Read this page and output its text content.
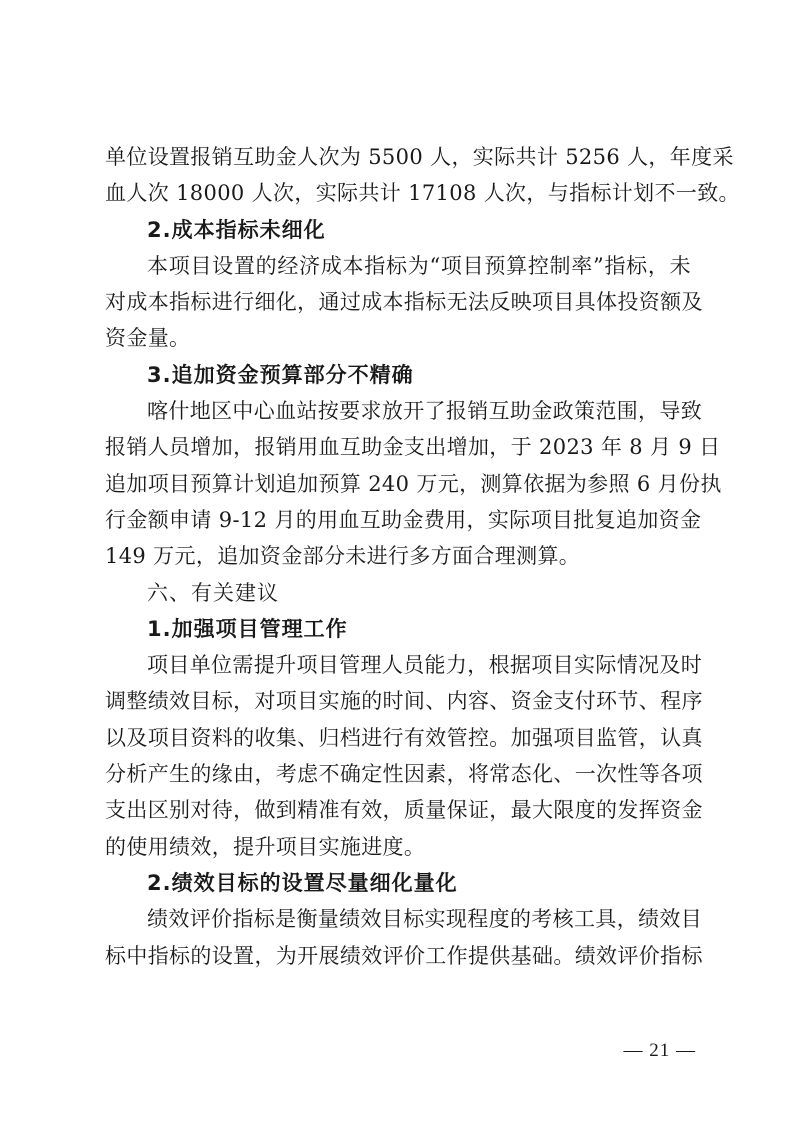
单位设置报销互助金人次为 5500 人，实际共计 5256 人，年度采
血人次 18000 人次，实际共计 17108 人次，与指标计划不一致。
2.成本指标未细化
本项目设置的经济成本指标为“项目预算控制率”指标，未
对成本指标进行细化，通过成本指标无法反映项目具体投资额及
资金量。
3.追加资金预算部分不精确
喀什地区中心血站按要求放开了报销互助金政策范围，导致
报销人员增加，报销用血互助金支出增加，于 2023 年 8 月 9 日
追加项目预算计划追加预算 240 万元，测算依据为参照 6 月份执
行金额申请 9-12 月的用血互助金费用，实际项目批复追加资金
149 万元，追加资金部分未进行多方面合理测算。
六、有关建议
1.加强项目管理工作
项目单位需提升项目管理人员能力，根据项目实际情况及时
调整绩效目标，对项目实施的时间、内容、资金支付环节、程序
以及项目资料的收集、归档进行有效管控。加强项目监管，认真
分析产生的缘由，考虑不确定性因素，将常态化、一次性等各项
支出区别对待，做到精准有效，质量保证，最大限度的发挥资金
的使用绩效，提升项目实施进度。
2.绩效目标的设置尽量细化量化
绩效评价指标是衡量绩效目标实现程度的考核工具，绩效目
标中指标的设置，为开展绩效评价工作提供基础。绩效评价指标
— 21 —
